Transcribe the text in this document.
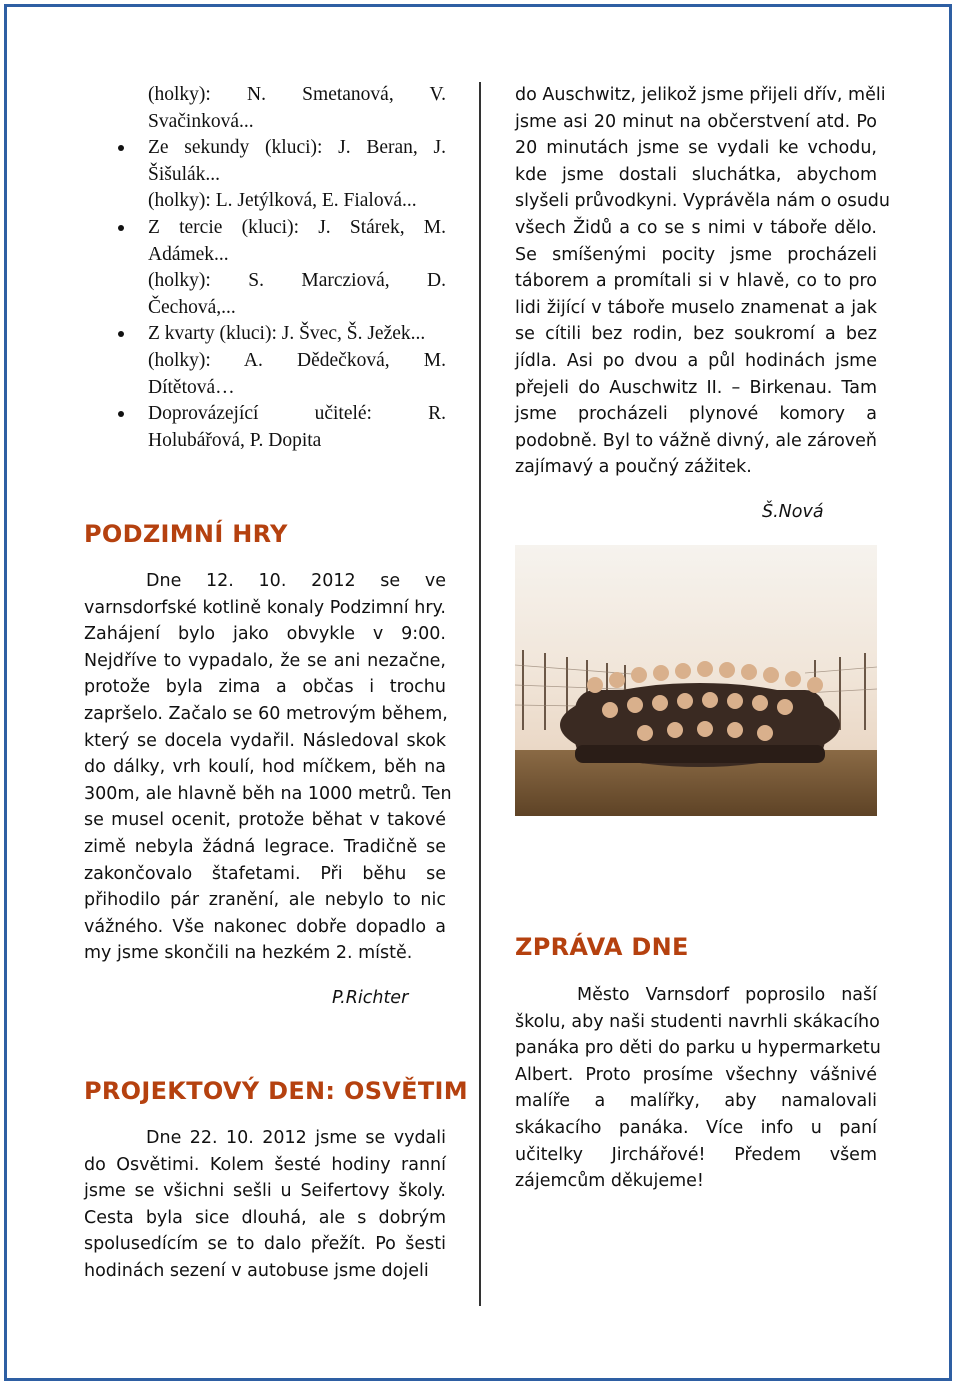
(holky): N. Smetanová, V.
Svačinková...
Ze sekundy (kluci): J. Beran, J.
Šišulák...
(holky): L. Jetýlková, E. Fialová...
Z tercie (kluci): J. Stárek, M.
Adámek...
(holky): S. Marcziová, D.
Čechová,...
Z kvarty (kluci): J. Švec, Š. Ježek...
(holky): A. Dědečková, M.
Dítětová…
Doprovázející učitelé: R.
Holubářová, P. Dopita
PODZIMNÍ HRY
Dne 12. 10. 2012 se ve
varnsdorfské kotlině konaly Podzimní hry.
Zahájení bylo jako obvykle v 9:00.
Nejdříve to vypadalo, že se ani nezačne,
protože byla zima a občas i trochu
zapršelo. Začalo se 60 metrovým během,
který se docela vydařil. Následoval skok
do dálky, vrh koulí, hod míčkem, běh na
300m, ale hlavně běh na 1000 metrů. Ten
se musel ocenit, protože běhat v takové
zimě nebyla žádná legrace. Tradičně se
zakončovalo štafetami. Při běhu se
přihodilo pár zranění, ale nebylo to nic
vážného. Vše nakonec dobře dopadlo a
my jsme skončili na hezkém 2. místě.
P.Richter
PROJEKTOVÝ DEN: OSVĚTIM
Dne 22. 10. 2012 jsme se vydali
do Osvětimi. Kolem šesté hodiny ranní
jsme se všichni sešli u Seifertovy školy.
Cesta byla sice dlouhá, ale s dobrým
spolusedícím se to dalo přežít. Po šesti
hodinách sezení v autobuse jsme dojeli
do Auschwitz, jelikož jsme přijeli dřív, měli
jsme asi 20 minut na občerstvení atd. Po
20 minutách jsme se vydali ke vchodu,
kde jsme dostali sluchátka, abychom
slyšeli průvodkyni. Vyprávěla nám o osudu
všech Židů a co se s nimi v táboře dělo.
Se smíšenými pocity jsme procházeli
táborem a promítali si v hlavě, co to pro
lidi žijící v táboře muselo znamenat a jak
se cítili bez rodin, bez soukromí a bez
jídla. Asi po dvou a půl hodinách jsme
přejeli do Auschwitz II. – Birkenau. Tam
jsme procházeli plynové komory a
podobně. Byl to vážně divný, ale zároveň
zajímavý a poučný zážitek.
Š.Nová
ZPRÁVA DNE
Město Varnsdorf poprosilo naší
školu, aby naši studenti navrhli skákacího
panáka pro děti do parku u hypermarketu
Albert. Proto prosíme všechny vášnivé
malíře a malířky, aby namalovali
skákacího panáka. Více info u paní
učitelky Jirchářové! Předem všem
zájemcům děkujeme!
